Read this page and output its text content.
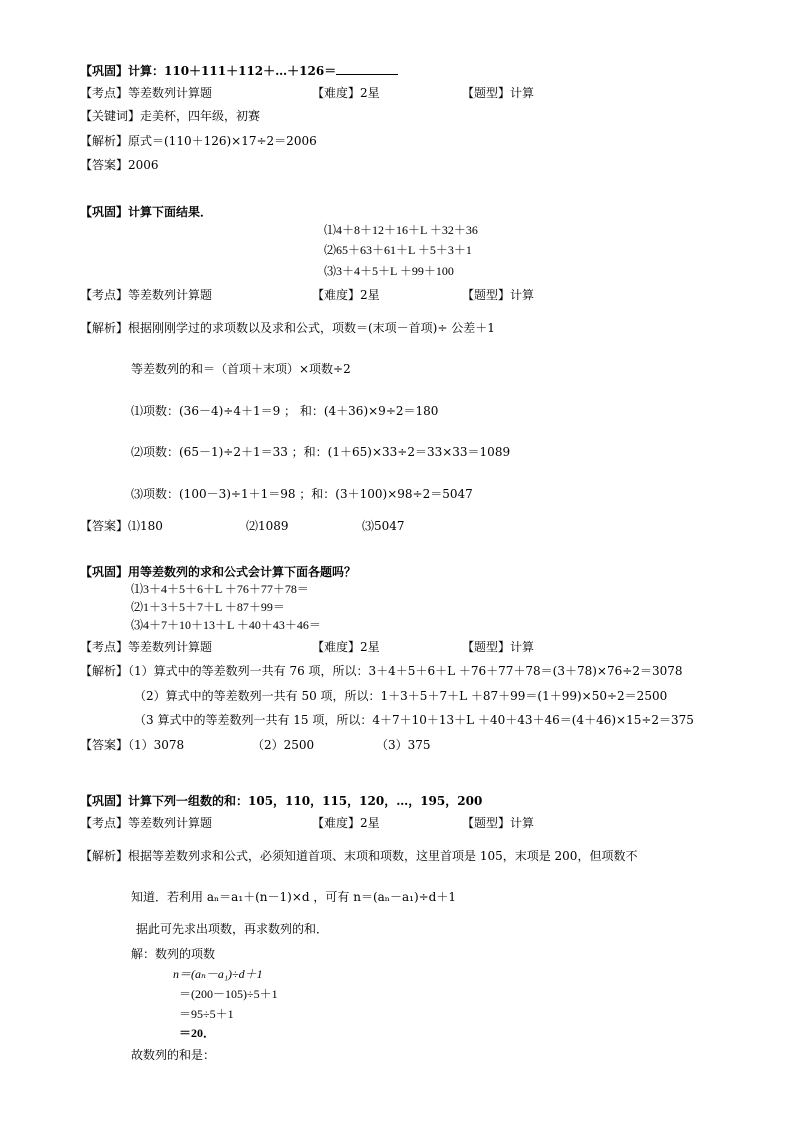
【巩固】计算：110＋111＋112＋…＋126＝
【考点】等差数列计算题	【难度】2星	【题型】计算
【关键词】走美杯，四年级，初赛
【解析】原式＝(110＋126)×17÷2＝2006
【答案】2006
【巩固】计算下面结果．
⑴4＋8＋12＋16＋L ＋32＋36
⑵65＋63＋61＋L ＋5＋3＋1
⑶3＋4＋5＋L ＋99＋100
【考点】等差数列计算题	【难度】2星	【题型】计算
【解析】根据刚刚学过的求项数以及求和公式，项数＝(末项－首项)÷ 公差＋1
等差数列的和＝（首项＋末项）×项数÷2
⑴项数：(36－4)÷4＋1＝9 ； 和：(4＋36)×9÷2＝180
⑵项数：(65－1)÷2＋1＝33 ；和：(1＋65)×33÷2＝33×33＝1089
⑶项数：(100－3)÷1＋1＝98 ；和：(3＋100)×98÷2＝5047
【答案】⑴180	⑵1089	⑶5047
【巩固】用等差数列的求和公式会计算下面各题吗？
⑴3＋4＋5＋6＋L ＋76＋77＋78＝
⑵1＋3＋5＋7＋L ＋87＋99＝
⑶4＋7＋10＋13＋L ＋40＋43＋46＝
【考点】等差数列计算题	【难度】2星	【题型】计算
【解析】（1）算式中的等差数列一共有 76 项，所以：3＋4＋5＋6＋L ＋76＋77＋78＝(3＋78)×76÷2＝3078
（2）算式中的等差数列一共有 50 项，所以：1＋3＋5＋7＋L ＋87＋99＝(1＋99)×50÷2＝2500
（3 算式中的等差数列一共有 15 项，所以：4＋7＋10＋13＋L ＋40＋43＋46＝(4＋46)×15÷2＝375
【答案】（1）3078	（2）2500	（3）375
【巩固】计算下列一组数的和：105，110，115，120，…，195，200
【考点】等差数列计算题	【难度】2星	【题型】计算
【解析】根据等差数列求和公式，必须知道首项、末项和项数，这里首项是 105，末项是 200，但项数不
知道．若利用 aₙ＝a₁＋(n－1)×d ，可有 n＝(aₙ－a₁)÷d＋1
据此可先求出项数，再求数列的和．
解：数列的项数
n＝(aₙ－a₁)÷d＋1
＝(200－105)÷5＋1
＝95÷5＋1
＝20．
故数列的和是：
